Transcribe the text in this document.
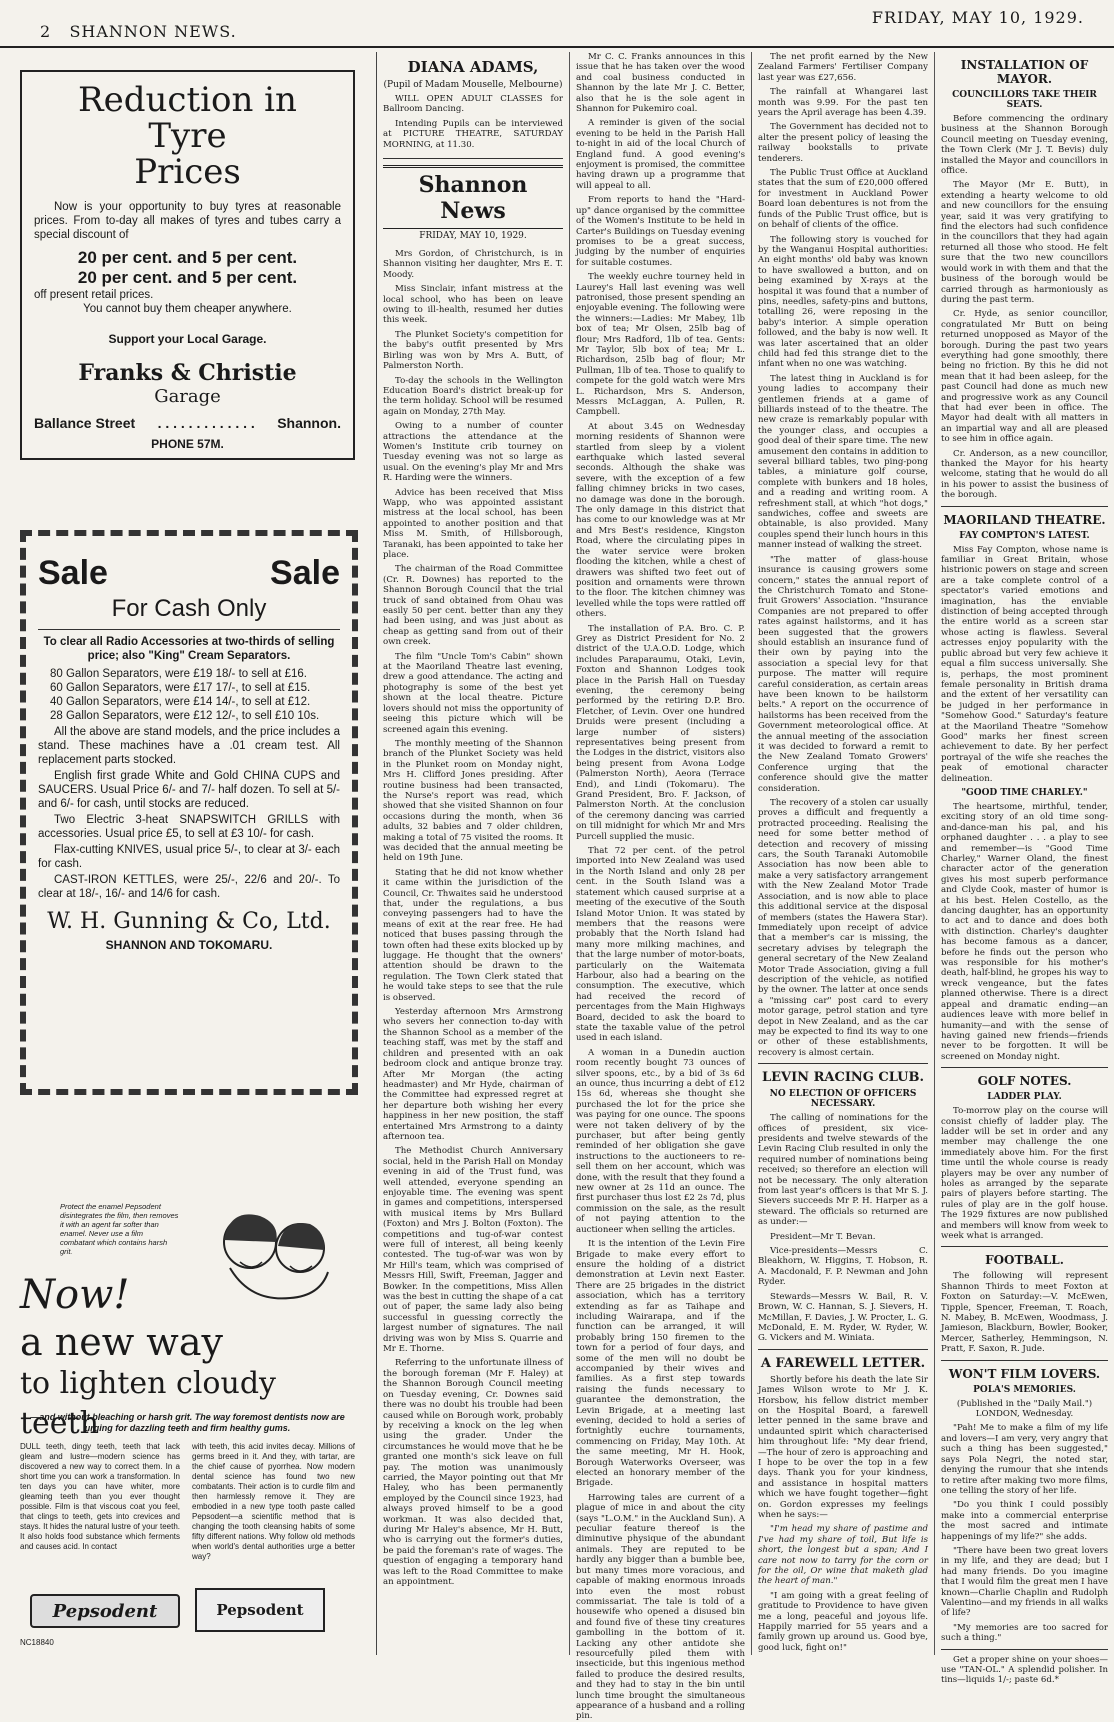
2 SHANNON NEWS.
FRIDAY, MAY 10, 1929.
Reduction in Tyre
Prices

Now is your opportunity to buy tyres at reasonable prices. From to-day all makes of tyres and tubes carry a special discount of

20 per cent. and 5 per cent.
20 per cent. and 5 per cent.
off present retail prices.
You cannot buy them cheaper anywhere.
Support your Local Garage.
Franks & Christie
Garage
Ballance Street . . . . . . . . . . . . . Shannon.
PHONE 57M.
Sale	Sale
For Cash Only
To clear all Radio Accessories at two-thirds of selling price; also "King" Cream Separators.
80 Gallon Separators, were £19 18/- to sell at £16.
60 Gallon Separators, were £17 17/-, to sell at £15.
40 Gallon Separators, were £14 14/-, to sell at £12.
28 Gallon Separators, were £12 12/-, to sell £10 10s.

All the above are stand models, and the price includes a stand. These machines have a .01 cream test. All replacement parts stocked.

English first grade White and Gold CHINA CUPS and SAUCERS. Usual Price 6/- and 7/- half dozen. To sell at 5/- and 6/- for cash, until stocks are reduced.

Two Electric 3-heat SNAPSWITCH GRILLS with accessories. Usual price £5, to sell at £3 10/- for cash.

Flax-cutting KNIVES, usual price 5/-, to clear at 3/- each for cash.

CAST-IRON KETTLES, were 25/-, 22/6 and 20/-. To clear at 18/-, 16/- and 14/6 for cash.

W. H. Gunning & Co, Ltd.
SHANNON AND TOKOMARU.
Protect the enamel Pepsodent disintegrates the film, then removes it with an agent far softer than enamel. Never use a film combatant which contains harsh grit.
Now!
a new way
to lighten cloudy teeth
—and without bleaching or harsh grit. The way foremost dentists now are urging for dazzling teeth and firm healthy gums.
DULL teeth, dingy teeth, teeth that lack gleam and lustre—modern science has discovered a new way to correct them. In a short time you can work a transformation. In ten days you can have whiter, more gleaming teeth than you ever thought possible. Film is that viscous coat you feel, that clings to teeth, gets into crevices and stays. It hides the natural lustre of your teeth. It also holds food substance which ferments and causes acid. In contact
with teeth, this acid invites decay. Millions of germs breed in it. And they, with tartar, are the chief cause of pyorrhea. Now modern dental science has found two new combatants. Their action is to curdle film and then harmlessly remove it. They are embodied in a new type tooth paste called Pepsodent—a scientific method that is changing the tooth cleansing habits of some fifty different nations. Why follow old methods when world's dental authorities urge a better way?
Pepsodent	Pepsodent
NC18840
DIANA ADAMS,
(Pupil of Madam Mouselle, Melbourne)

WILL OPEN ADULT CLASSES for Ballroom Dancing.

Intending Pupils can be interviewed at PICTURE THEATRE, SATURDAY MORNING, at 11.30.

Shannon News
FRIDAY, MAY 10, 1929.

Mrs Gordon, of Christchurch, is in Shannon visiting her daughter, Mrs E. T. Moody.

Miss Sinclair, infant mistress at the local school, who has been on leave owing to ill-health, resumed her duties this week.

The Plunket Society's competition for the baby's outfit presented by Mrs Birling was won by Mrs A. Butt, of Palmerston North.

To-day the schools in the Wellington Education Board's district break-up for the term holiday. School will be resumed again on Monday, 27th May.

Owing to a number of counter attractions the attendance at the Women's Institute crib tourney on Tuesday evening was not so large as usual. On the evening's play Mr and Mrs R. Harding were the winners.

Advice has been received that Miss Wapp, who was appointed assistant mistress at the local school, has been appointed to another position and that Miss M. Smith, of Hillsborough, Taranaki, has been appointed to take her place.

The chairman of the Road Committee (Cr. R. Downes) has reported to the Shannon Borough Council that the trial truck of sand obtained from Ohau was easily 50 per cent. better than any they had been using, and was just about as cheap as getting sand from out of their own creek.

The film "Uncle Tom's Cabin" shown at the Maoriland Theatre last evening, drew a good attendance. The acting and photography is some of the best yet shown at the local theatre. Picture lovers should not miss the opportunity of seeing this picture which will be screened again this evening.

The monthly meeting of the Shannon branch of the Plunket Society was held in the Plunket room on Monday night, Mrs H. Clifford Jones presiding. After routine business had been transacted, the Nurse's report was read, which showed that she visited Shannon on four occasions during the month, when 36 adults, 32 babies and 7 older children, making a total of 75 visited the rooms. It was decided that the annual meeting be held on 19th June.

Stating that he did not know whether it came within the jurisdiction of the Council, Cr. Thwaites said he understood that, under the regulations, a bus conveying passengers had to have the means of exit at the rear free. He had noticed that buses passing through the town often had these exits blocked up by luggage. He thought that the owners' attention should be drawn to the regulation. The Town Clerk stated that he would take steps to see that the rule is observed.

Yesterday afternoon Mrs Armstrong who severs her connection to-day with the Shannon School as a member of the teaching staff, was met by the staff and children and presented with an oak bedroom clock and antique bronze tray. After Mr Morgan (the acting headmaster) and Mr Hyde, chairman of the Committee had expressed regret at her departure both wishing her every happiness in her new position, the staff entertained Mrs Armstrong to a dainty afternoon tea.

The Methodist Church Anniversary social, held in the Parish Hall on Monday evening in aid of the Trust fund, was well attended, everyone spending an enjoyable time. The evening was spent in games and competitions, interspersed with musical items by Mrs Bullard (Foxton) and Mrs J. Bolton (Foxton). The competitions and tug-of-war contest were full of interest, all being keenly contested. The tug-of-war was won by Mr Hill's team, which was comprised of Messrs Hill, Swift, Freeman, Jagger and Bowker. In the competitions, Miss Allen was the best in cutting the shape of a cat out of paper, the same lady also being successful in guessing correctly the largest number of signatures. The nail driving was won by Miss S. Quarrie and Mr E. Thorne.

Referring to the unfortunate illness of the borough foreman (Mr F. Haley) at the Shannon Borough Council meeting on Tuesday evening, Cr. Downes said there was no doubt his trouble had been caused while on Borough work, probably by receiving a knock on the leg when using the grader. Under the circumstances he would move that he be granted one month's sick leave on full pay. The motion was unanimously carried, the Mayor pointing out that Mr Haley, who has been permanently employed by the Council since 1923, had always proved himself to be a good workman. It was also decided that, during Mr Haley's absence, Mr H. Butt, who is carrying out the former's duties, be paid the foreman's rate of wages. The question of engaging a temporary hand was left to the Road Committee to make an appointment.

Mr C. C. Franks announces in this issue that he has taken over the wood and coal business conducted in Shannon by the late Mr J. C. Better, also that he is the sole agent in Shannon for Pukemiro coal.

A reminder is given of the social evening to be held in the Parish Hall to-night in aid of the local Church of England fund. A good evening's enjoyment is promised, the committee having drawn up a programme that will appeal to all.

From reports to hand the "Hard-up" dance organised by the committee of the Women's Institute to be held in Carter's Buildings on Tuesday evening promises to be a great success, judging by the number of enquiries for suitable costumes.

The weekly euchre tourney held in Laurey's Hall last evening was well patronised, those present spending an enjoyable evening. The following were the winners:—Ladies: Mr Mabey, 1lb box of tea; Mr Olsen, 25lb bag of flour; Mrs Radford, 1lb of tea. Gents: Mr Taylor, 5lb box of tea; Mr L. Richardson, 25lb bag of flour; Mr Pullman, 1lb of tea. Those to qualify to compete for the gold watch were Mrs L. Richardson, Mrs S. Anderson, Messrs McLaggan, A. Pullen, R. Campbell.

At about 3.45 on Wednesday morning residents of Shannon were startled from sleep by a violent earthquake which lasted several seconds. Although the shake was severe, with the exception of a few falling chimney bricks in two cases, no damage was done in the borough. The only damage in this district that has come to our knowledge was at Mr and Mrs Best's residence, Kingston Road, where the circulating pipes in the water service were broken flooding the kitchen, while a chest of drawers was shifted two feet out of position and ornaments were thrown to the floor. The kitchen chimney was levelled while the tops were rattled off others.

The installation of P.A. Bro. C. P. Grey as District President for No. 2 district of the U.A.O.D. Lodge, which includes Paraparaumu, Otaki, Levin, Foxton and Shannon Lodges took place in the Parish Hall on Tuesday evening, the ceremony being performed by the retiring D.P. Bro. Fletcher, of Levin. Over one hundred Druids were present (including a large number of sisters) representatives being present from the Lodges in the district, visitors also being present from Avona Lodge (Palmerston North), Aeora (Terrace End), and Lindi (Tokomaru). The Grand President, Bro. F. Jackson, of Palmerston North. At the conclusion of the ceremony dancing was carried on till midnight for which Mr and Mrs Purcell supplied the music.

That 72 per cent. of the petrol imported into New Zealand was used in the North Island and only 28 per cent. in the South Island was a statement which caused surprise at a meeting of the executive of the South Island Motor Union. It was stated by members that the reasons were probably that the North Island had many more milking machines, and that the large number of motor-boats, particularly on the Waitemata Harbour, also had a bearing on the consumption. The executive, which had received the record of percentages from the Main Highways Board, decided to ask the board to state the taxable value of the petrol used in each island.

A woman in a Dunedin auction room recently bought 73 ounces of silver spoons, etc., by a bid of 3s 6d an ounce, thus incurring a debt of £12 15s 6d, whereas she thought she purchased the lot for the price she was paying for one ounce. The spoons were not taken delivery of by the purchaser, but after being gently reminded of her obligation she gave instructions to the auctioneers to re-sell them on her account, which was done, with the result that they found a new owner at 2s 11d an ounce. The first purchaser thus lost £2 2s 7d, plus commission on the sale, as the result of not paying attention to the auctioneer when selling the articles.

It is the intention of the Levin Fire Brigade to make every effort to ensure the holding of a district demonstration at Levin next Easter. There are 25 brigades in the district association, which has a territory extending as far as Taihape and including Wairarapa, and if the function can be arranged, it will probably bring 150 firemen to the town for a period of four days, and some of the men will no doubt be accompanied by their wives and families. As a first step towards raising the funds necessary to guarantee the demonstration, the Levin Brigade, at a meeting last evening, decided to hold a series of fortnightly euchre tournaments, commencing on Friday, May 10th. At the same meeting, Mr H. Hook, Borough Waterworks Overseer, was elected an honorary member of the Brigade.

Harrowing tales are current of a plague of mice in and about the city (says "L.O.M." in the Auckland Sun). A peculiar feature thereof is the diminutive physique of the abundant animals. They are reputed to be hardly any bigger than a bumble bee, but many times more voracious, and capable of making enormous inroads into even the most robust commissariat. The tale is told of a housewife who opened a disused bin and found five of these tiny creatures gambolling in the bottom of it. Lacking any other antidote she resourcefully piled them with insecticide, but this ingenious method failed to produce the desired results, and they had to stay in the bin until lunch time brought the simultaneous appearance of a husband and a rolling pin.

The net profit earned by the New Zealand Farmers' Fertiliser Company last year was £27,656.

The rainfall at Whangarei last month was 9.99. For the past ten years the April average has been 4.39.

The Government has decided not to alter the present policy of leasing the railway bookstalls to private tenderers.

The Public Trust Office at Auckland states that the sum of £20,000 offered for investment in Auckland Power Board loan debentures is not from the funds of the Public Trust office, but is on behalf of clients of the office.

The following story is vouched for by the Wanganui Hospital authorities: An eight months' old baby was known to have swallowed a button, and on being examined by X-rays at the hospital it was found that a number of pins, needles, safety-pins and buttons, totalling 26, were reposing in the baby's interior. A simple operation followed, and the baby is now well. It was later ascertained that an older child had fed this strange diet to the infant when no one was watching.

The latest thing in Auckland is for young ladies to accompany their gentlemen friends at a game of billiards instead of to the theatre. The new craze is remarkably popular with the younger class, and occupies a good deal of their spare time. The new amusement den contains in addition to several billiard tables, two ping-pong tables, a miniature golf course, complete with bunkers and 18 holes, and a reading and writing room. A refreshment stall, at which "hot dogs," sandwiches, coffee and sweets are obtainable, is also provided. Many couples spend their lunch hours in this manner instead of walking the street.

"The matter of glass-house insurance is causing growers some concern," states the annual report of the Christchurch Tomato and Stone-fruit Growers' Association. "Insurance Companies are not prepared to offer rates against hailstorms, and it has been suggested that the growers should establish an insurance fund of their own by paying into the association a special levy for that purpose. The matter will require careful consideration, as certain areas have been known to be hailstorm belts." A report on the occurrence of hailstorms has been received from the Government meteorological office. At the annual meeting of the association it was decided to forward a remit to the New Zealand Tomato Growers' Conference urging that the conference should give the matter consideration.

The recovery of a stolen car usually proves a difficult and frequently a protracted proceeding. Realising the need for some better method of detection and recovery of missing cars, the South Taranaki Automobile Association has now been able to make a very satisfactory arrangement with the New Zealand Motor Trade Association, and is now able to place this additional service at the disposal of members (states the Hawera Star). Immediately upon receipt of advice that a member's car is missing, the secretary advises by telegraph the general secretary of the New Zealand Motor Trade Association, giving a full description of the vehicle, as notified by the owner. The latter at once sends a "missing car" post card to every motor garage, petrol station and tyre depot in New Zealand, and as the car may be expected to find its way to one or other of these establishments, recovery is almost certain.

LEVIN RACING CLUB.
NO ELECTION OF OFFICERS NECESSARY.

The calling of nominations for the offices of president, six vice-presidents and twelve stewards of the Levin Racing Club resulted in only the required number of nominations being received; so therefore an election will not be necessary. The only alteration from last year's officers is that Mr S. J. Sievers succeeds Mr P. H. Harper as a steward. The officials so returned are as under:—

President—Mr T. Bevan.

Vice-presidents—Messrs C. Bleakhorn, W. Higgins, T. Hobson, R. A. Macdonald, F. P. Newman and John Ryder.

Stewards—Messrs W. Bail, R. V. Brown, W. C. Hannan, S. J. Sievers, H. McMillan, F. Davies, J. W. Procter, L. G. McDonald, E. M. Ryder, W. Ryder, W. G. Vickers and M. Winiata.

A FAREWELL LETTER.

Shortly before his death the late Sir James Wilson wrote to Mr J. K. Horsbow, his fellow district member on the Hospital Board, a farewell letter penned in the same brave and undaunted spirit which characterised him throughout life: "My dear friend,—The hour of zero is approaching and I hope to be over the top in a few days. Thank you for your kindness, and assistance in hospital matters which we have fought together—fight on. Gordon expresses my feelings when he says:—

"I'm head my share of pastime and I've had my share of toil, But life is short, the longest but a span; And I care not now to tarry for the corn or for the oil, Or wine that maketh glad the heart of man."

"I am going with a great feeling of gratitude to Providence to have given me a long, peaceful and joyous life. Happily married for 55 years and a family grown up around us. Good bye, good luck, fight on!"

INSTALLATION OF MAYOR.
COUNCILLORS TAKE THEIR SEATS.

Before commencing the ordinary business at the Shannon Borough Council meeting on Tuesday evening, the Town Clerk (Mr J. T. Bevis) duly installed the Mayor and councillors in office.

The Mayor (Mr E. Butt), in extending a hearty welcome to old and new councillors for the ensuing year, said it was very gratifying to find the electors had such confidence in the councillors that they had again returned all those who stood. He felt sure that the two new councillors would work in with them and that the business of the borough would be carried through as harmoniously as during the past term.

Cr. Hyde, as senior councillor, congratulated Mr Butt on being returned unopposed as Mayor of the borough. During the past two years everything had gone smoothly, there being no friction. By this he did not mean that it had been asleep, for the past Council had done as much new and progressive work as any Council that had ever been in office. The Mayor had dealt with all matters in an impartial way and all are pleased to see him in office again.

Cr. Anderson, as a new councillor, thanked the Mayor for his hearty welcome, stating that he would do all in his power to assist the business of the borough.

MAORILAND THEATRE.
FAY COMPTON'S LATEST.

Miss Fay Compton, whose name is familiar in Great Britain, whose histrionic powers on stage and screen are a take complete control of a spectator's varied emotions and imagination, has the enviable distinction of being accepted through the entire world as a screen star whose acting is flawless. Several actresses enjoy popularity with the public abroad but very few achieve it equal a film success universally. She is, perhaps, the most prominent female personality in British drama and the extent of her versatility can be judged in her performance in "Somehow Good." Saturday's feature at the Maoriland Theatre "Somehow Good" marks her finest screen achievement to date. By her perfect portrayal of the wife she reaches the peak of emotional character delineation.

"GOOD TIME CHARLEY."

The heartsome, mirthful, tender, exciting story of an old time song-and-dance-man his pal, and his orphaned daughter . . . a play to see and remember—is "Good Time Charley," Warner Oland, the finest character actor of the generation gives his most superb performance and Clyde Cook, master of humor is at his best. Helen Costello, as the dancing daughter, has an opportunity to act and to dance and does both with distinction. Charley's daughter has become famous as a dancer, before he finds out the person who was responsible for his mother's death, half-blind, he gropes his way to wreck vengeance, but the fates planned otherwise. There is a direct appeal and dramatic ending—an audiences leave with more belief in humanity—and with the sense of having gained new friends—friends never to be forgotten. It will be screened on Monday night.

GOLF NOTES.
LADDER PLAY.

To-morrow play on the course will consist chiefly of ladder play. The ladder will be set in order and any member may challenge the one immediately above him. For the first time until the whole course is ready players may be over any number of holes as arranged by the separate pairs of players before starting. The rules of play are in the golf house. The 1929 fixtures are now published and members will know from week to week what is arranged.

FOOTBALL.

The following will represent Shannon Thirds to meet Foxton at Foxton on Saturday:—V. McEwen, Tipple, Spencer, Freeman, T. Roach, N. Mabey, B. McEwen, Woodmass, J. Jamieson, Blackburn, Bowler, Booker, Mercer, Satherley, Hemmingson, N. Pratt, F. Saxon, R. Jude.

WON'T FILM LOVERS.
POLA'S MEMORIES.

(Published in the "Daily Mail.") LONDON, Wednesday.

"Pah! Me to make a film of my life and lovers—I am very, very angry that such a thing has been suggested," says Pola Negri, the noted star, denying the rumour that she intends to retire after making two more films, one telling the story of her life.

"Do you think I could possibly make into a commercial enterprise the most sacred and intimate happenings of my life?" she adds.

"There have been two great lovers in my life, and they are dead; but I had many friends. Do you imagine that I would film the great men I have known—Charlie Chaplin and Rudolph Valentino—and my friends in all walks of life?

"My memories are too sacred for such a thing."

Get a proper shine on your shoes—use "TAN-OL." A splendid polisher. In tins—liquids 1/-; paste 6d.*
